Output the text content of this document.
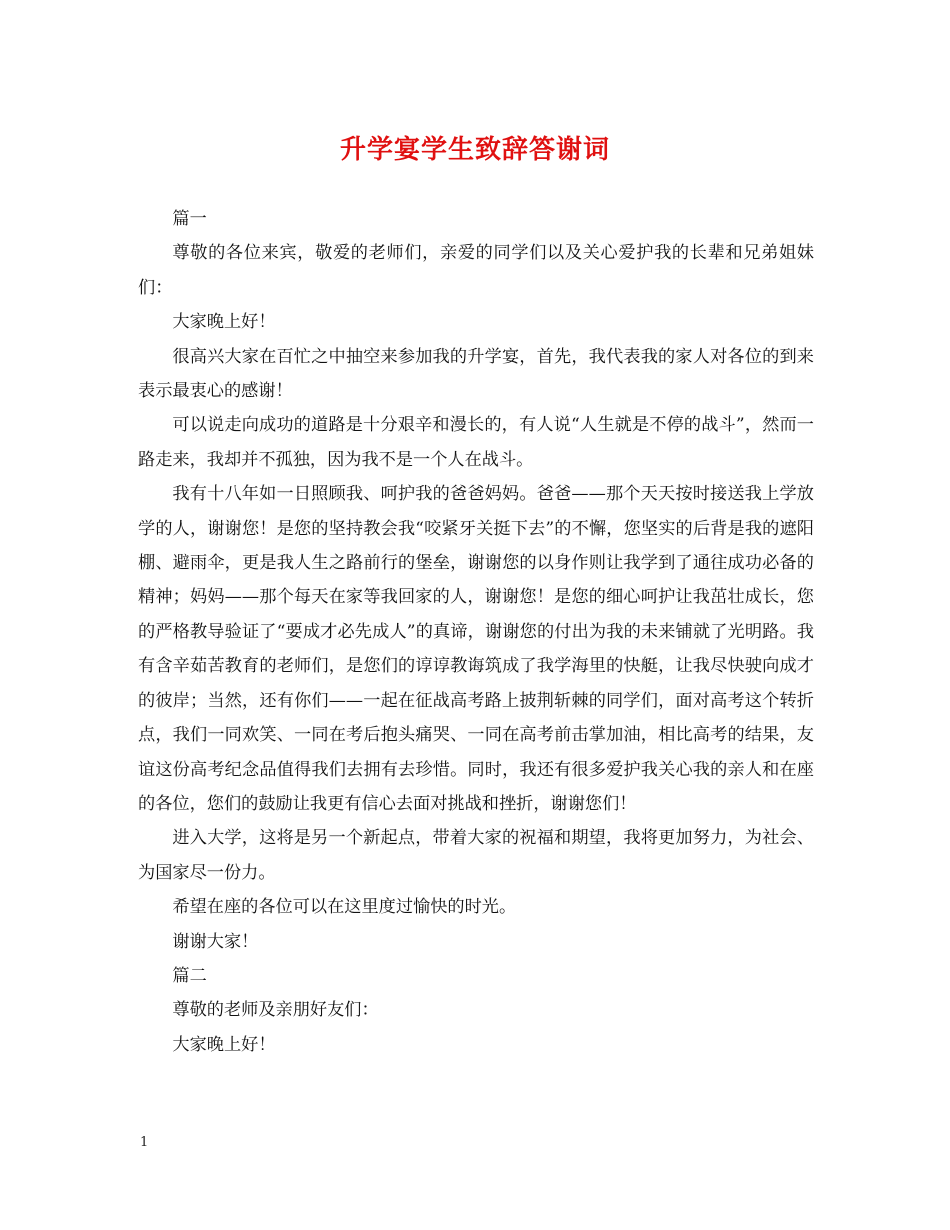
升学宴学生致辞答谢词

篇一

尊敬的各位来宾，敬爱的老师们，亲爱的同学们以及关心爱护我的长辈和兄弟姐妹们：

大家晚上好！

很高兴大家在百忙之中抽空来参加我的升学宴，首先，我代表我的家人对各位的到来表示最衷心的感谢！

可以说走向成功的道路是十分艰辛和漫长的，有人说“人生就是不停的战斗”，然而一路走来，我却并不孤独，因为我不是一个人在战斗。

我有十八年如一日照顾我、呵护我的爸爸妈妈。爸爸——那个天天按时接送我上学放学的人，谢谢您！是您的坚持教会我“咬紧牙关挺下去”的不懈，您坚实的后背是我的遮阳棚、避雨伞，更是我人生之路前行的堡垒，谢谢您的以身作则让我学到了通往成功必备的精神；妈妈——那个每天在家等我回家的人，谢谢您！是您的细心呵护让我茁壮成长，您的严格教导验证了“要成才必先成人”的真谛，谢谢您的付出为我的未来铺就了光明路。我有含辛茹苦教育的老师们，是您们的谆谆教诲筑成了我学海里的快艇，让我尽快驶向成才的彼岸；当然，还有你们——一起在征战高考路上披荆斩棘的同学们，面对高考这个转折点，我们一同欢笑、一同在考后抱头痛哭、一同在高考前击掌加油，相比高考的结果，友谊这份高考纪念品值得我们去拥有去珍惜。同时，我还有很多爱护我关心我的亲人和在座的各位，您们的鼓励让我更有信心去面对挑战和挫折，谢谢您们！

进入大学，这将是另一个新起点，带着大家的祝福和期望，我将更加努力，为社会、为国家尽一份力。

希望在座的各位可以在这里度过愉快的时光。

谢谢大家！

篇二

尊敬的老师及亲朋好友们：

大家晚上好！

1
